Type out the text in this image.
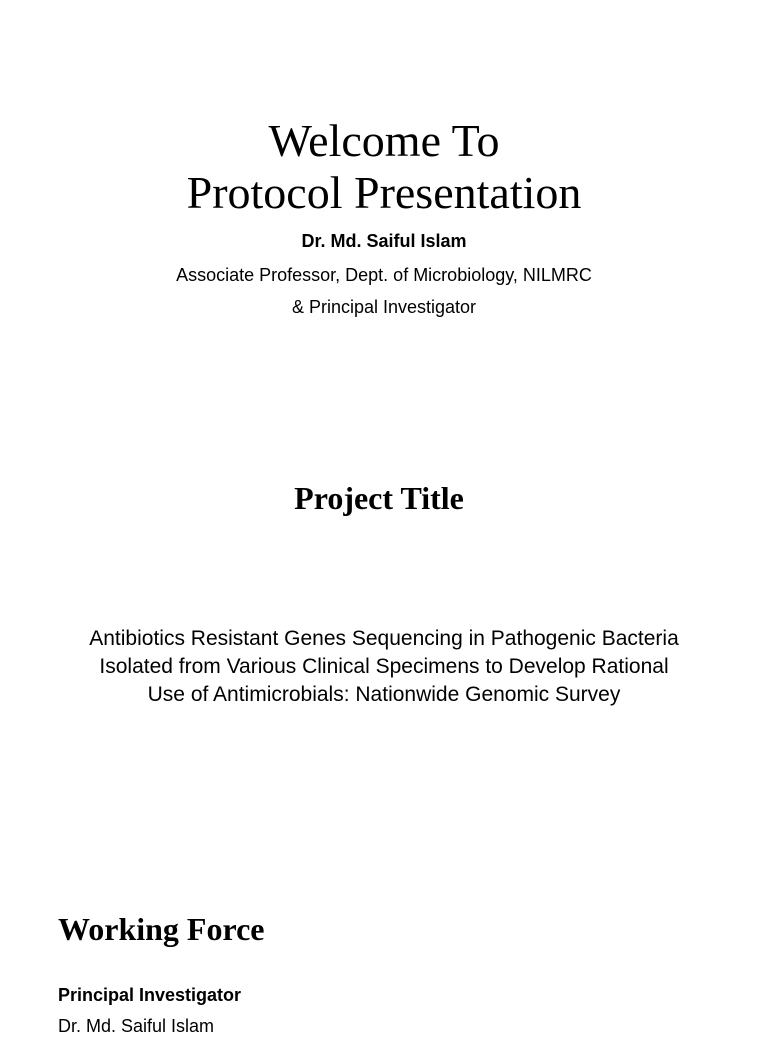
Welcome To
Protocol Presentation
Dr. Md. Saiful Islam
Associate Professor, Dept. of Microbiology, NILMRC
& Principal Investigator
Project Title
Antibiotics Resistant Genes Sequencing in Pathogenic Bacteria
Isolated from Various Clinical Specimens to Develop Rational
Use of Antimicrobials: Nationwide Genomic Survey
Working Force
Principal Investigator
Dr. Md. Saiful Islam
